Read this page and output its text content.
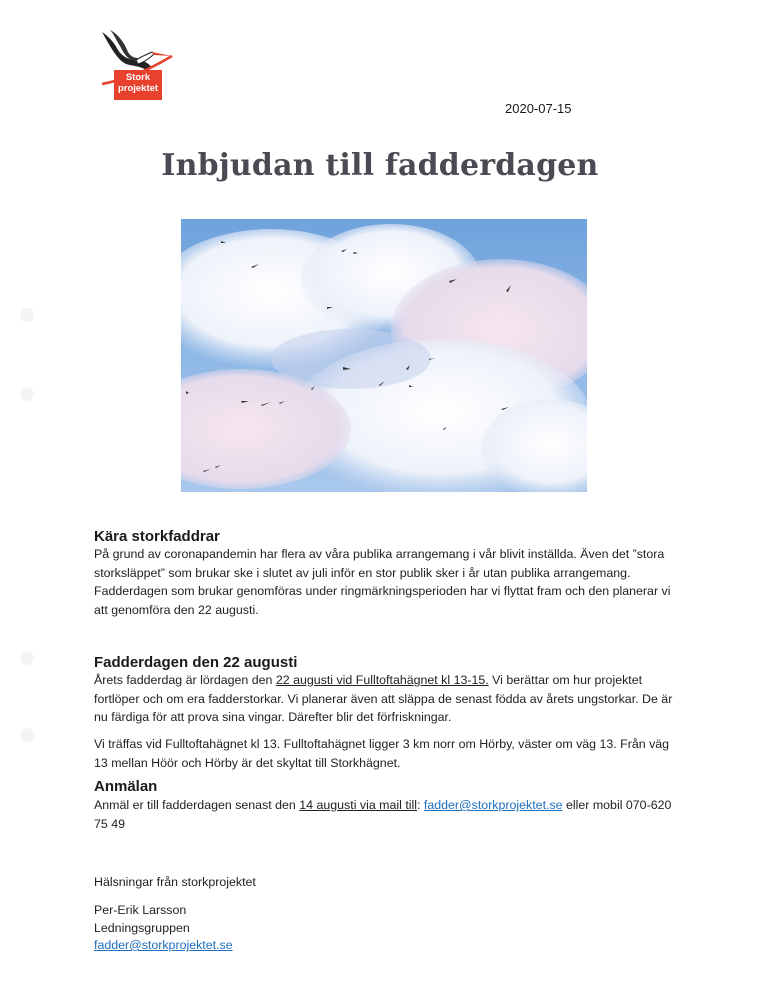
Stork
projektet
2020-07-15
Inbjudan till fadderdagen
Kära storkfaddrar
På grund av coronapandemin har flera av våra publika arrangemang i vår blivit inställda. Även det ”stora storksläppet” som brukar ske i slutet av juli inför en stor publik sker i år utan publika arrangemang. Fadderdagen som brukar genomföras under ringmärkningsperioden har vi flyttat fram och den planerar vi att genomföra den 22 augusti.
Fadderdagen den 22 augusti
Årets fadderdag är lördagen den 22 augusti vid Fulltoftahägnet kl 13-15. Vi berättar om hur projektet fortlöper och om era fadderstorkar. Vi planerar även att släppa de senast födda av årets ungstorkar. De är nu färdiga för att prova sina vingar. Därefter blir det förfriskningar.
Vi träffas vid Fulltoftahägnet kl 13. Fulltoftahägnet ligger 3 km norr om Hörby, väster om väg 13. Från väg 13 mellan Höör och Hörby är det skyltat till Storkhägnet.
Anmälan
Anmäl er till fadderdagen senast den 14 augusti via mail till: fadder@storkprojektet.se eller mobil 070-620 75 49
Hälsningar från storkprojektet
Per-Erik Larsson
Ledningsgruppen
fadder@storkprojektet.se
